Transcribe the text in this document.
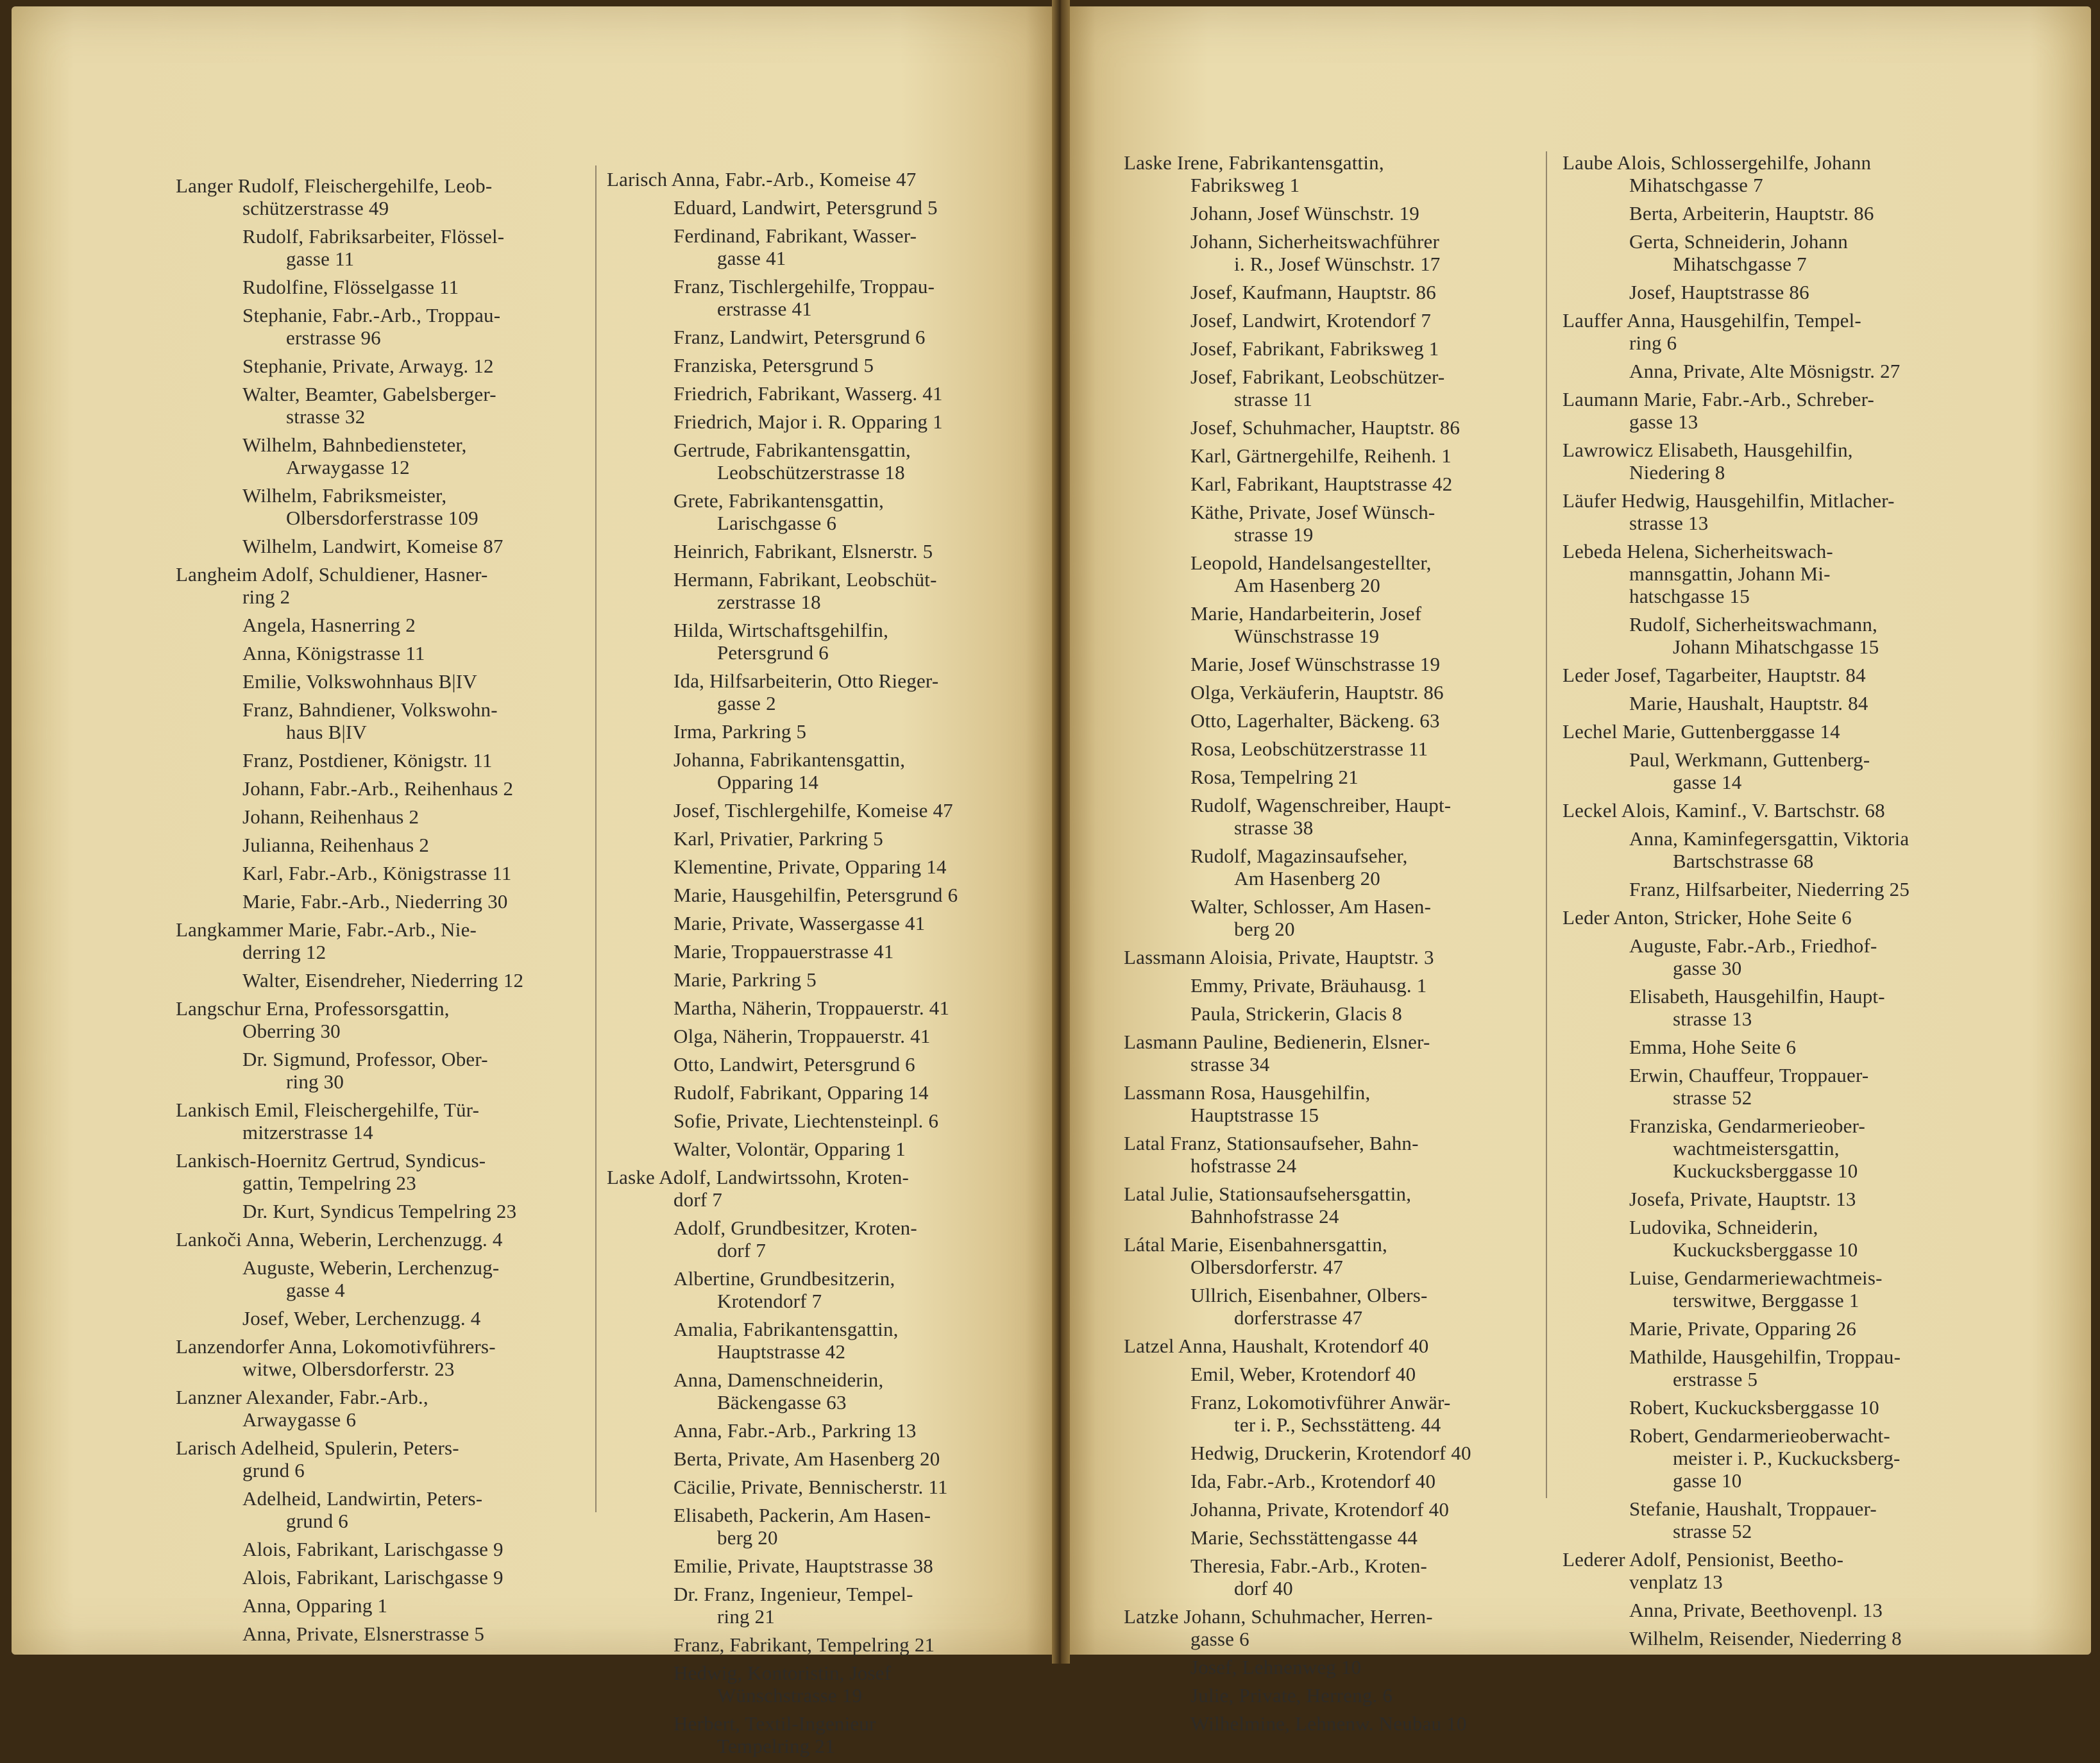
Langer Rudolf, Fleischergehilfe, Leob-
schützerstrasse 49
Rudolf, Fabriksarbeiter, Flössel-
gasse 11
Rudolfine, Flösselgasse 11
Stephanie, Fabr.-Arb., Troppau-
erstrasse 96
Stephanie, Private, Arwayg. 12
Walter, Beamter, Gabelsberger-
strasse 32
Wilhelm, Bahnbediensteter,
Arwaygasse 12
Wilhelm, Fabriksmeister,
Olbersdorferstrasse 109
Wilhelm, Landwirt, Komeise 87
Langheim Adolf, Schuldiener, Hasner-
ring 2
Angela, Hasnerring 2
Anna, Königstrasse 11
Emilie, Volkswohnhaus B|IV
Franz, Bahndiener, Volkswohn-
haus B|IV
Franz, Postdiener, Königstr. 11
Johann, Fabr.-Arb., Reihenhaus 2
Johann, Reihenhaus 2
Julianna, Reihenhaus 2
Karl, Fabr.-Arb., Königstrasse 11
Marie, Fabr.-Arb., Niederring 30
Langkammer Marie, Fabr.-Arb., Nie-
derring 12
Walter, Eisendreher, Niederring 12
Langschur Erna, Professorsgattin,
Oberring 30
Dr. Sigmund, Professor, Ober-
ring 30
Lankisch Emil, Fleischergehilfe, Tür-
mitzerstrasse 14
Lankisch-Hoernitz Gertrud, Syndicus-
gattin, Tempelring 23
Dr. Kurt, Syndicus Tempelring 23
Lankoči Anna, Weberin, Lerchenzugg. 4
Auguste, Weberin, Lerchenzug-
gasse 4
Josef, Weber, Lerchenzugg. 4
Lanzendorfer Anna, Lokomotivführers-
witwe, Olbersdorferstr. 23
Lanzner Alexander, Fabr.-Arb.,
Arwaygasse 6
Larisch Adelheid, Spulerin, Peters-
grund 6
Adelheid, Landwirtin, Peters-
grund 6
Alois, Fabrikant, Larischgasse 9
Alois, Fabrikant, Larischgasse 9
Anna, Opparing 1
Anna, Private, Elsnerstrasse 5
Larisch Anna, Fabr.-Arb., Komeise 47
Eduard, Landwirt, Petersgrund 5
Ferdinand, Fabrikant, Wasser-
gasse 41
Franz, Tischlergehilfe, Troppau-
erstrasse 41
Franz, Landwirt, Petersgrund 6
Franziska, Petersgrund 5
Friedrich, Fabrikant, Wasserg. 41
Friedrich, Major i. R. Opparing 1
Gertrude, Fabrikantensgattin,
Leobschützerstrasse 18
Grete, Fabrikantensgattin,
Larischgasse 6
Heinrich, Fabrikant, Elsnerstr. 5
Hermann, Fabrikant, Leobschüt-
zerstrasse 18
Hilda, Wirtschaftsgehilfin,
Petersgrund 6
Ida, Hilfsarbeiterin, Otto Rieger-
gasse 2
Irma, Parkring 5
Johanna, Fabrikantensgattin,
Opparing 14
Josef, Tischlergehilfe, Komeise 47
Karl, Privatier, Parkring 5
Klementine, Private, Opparing 14
Marie, Hausgehilfin, Petersgrund 6
Marie, Private, Wassergasse 41
Marie, Troppauerstrasse 41
Marie, Parkring 5
Martha, Näherin, Troppauerstr. 41
Olga, Näherin, Troppauerstr. 41
Otto, Landwirt, Petersgrund 6
Rudolf, Fabrikant, Opparing 14
Sofie, Private, Liechtensteinpl. 6
Walter, Volontär, Opparing 1
Laske Adolf, Landwirtssohn, Kroten-
dorf 7
Adolf, Grundbesitzer, Kroten-
dorf 7
Albertine, Grundbesitzerin,
Krotendorf 7
Amalia, Fabrikantensgattin,
Hauptstrasse 42
Anna, Damenschneiderin,
Bäckengasse 63
Anna, Fabr.-Arb., Parkring 13
Berta, Private, Am Hasenberg 20
Cäcilie, Private, Bennischerstr. 11
Elisabeth, Packerin, Am Hasen-
berg 20
Emilie, Private, Hauptstrasse 38
Dr. Franz, Ingenieur, Tempel-
ring 21
Franz, Fabrikant, Tempelring 21
Hedwig, Kontoristin, Josef
Wünschstrasse 19
Herbert, Textil-Ingenieur
Tempelring 21
Laske Irene, Fabrikantensgattin,
Fabriksweg 1
Johann, Josef Wünschstr. 19
Johann, Sicherheitswachführer
i. R., Josef Wünschstr. 17
Josef, Kaufmann, Hauptstr. 86
Josef, Landwirt, Krotendorf 7
Josef, Fabrikant, Fabriksweg 1
Josef, Fabrikant, Leobschützer-
strasse 11
Josef, Schuhmacher, Hauptstr. 86
Karl, Gärtnergehilfe, Reihenh. 1
Karl, Fabrikant, Hauptstrasse 42
Käthe, Private, Josef Wünsch-
strasse 19
Leopold, Handelsangestellter,
Am Hasenberg 20
Marie, Handarbeiterin, Josef
Wünschstrasse 19
Marie, Josef Wünschstrasse 19
Olga, Verkäuferin, Hauptstr. 86
Otto, Lagerhalter, Bäckeng. 63
Rosa, Leobschützerstrasse 11
Rosa, Tempelring 21
Rudolf, Wagenschreiber, Haupt-
strasse 38
Rudolf, Magazinsaufseher,
Am Hasenberg 20
Walter, Schlosser, Am Hasen-
berg 20
Lassmann Aloisia, Private, Hauptstr. 3
Emmy, Private, Bräuhausg. 1
Paula, Strickerin, Glacis 8
Lasmann Pauline, Bedienerin, Elsner-
strasse 34
Lassmann Rosa, Hausgehilfin,
Hauptstrasse 15
Latal Franz, Stationsaufseher, Bahn-
hofstrasse 24
Latal Julie, Stationsaufsehersgattin,
Bahnhofstrasse 24
Látal Marie, Eisenbahnersgattin,
Olbersdorferstr. 47
Ullrich, Eisenbahner, Olbers-
dorferstrasse 47
Latzel Anna, Haushalt, Krotendorf 40
Emil, Weber, Krotendorf 40
Franz, Lokomotivführer Anwär-
ter i. P., Sechsstätteng. 44
Hedwig, Druckerin, Krotendorf 40
Ida, Fabr.-Arb., Krotendorf 40
Johanna, Private, Krotendorf 40
Marie, Sechsstättengasse 44
Theresia, Fabr.-Arb., Kroten-
dorf 40
Latzke Johann, Schuhmacher, Herren-
gasse 6
Josef, Lehnenweg 10
Julie, Private, Herreng. 6
Wilhelmine, Lehnenw. Neubau 10
Laube Alois, Schlossergehilfe, Johann
Mihatschgasse 7
Berta, Arbeiterin, Hauptstr. 86
Gerta, Schneiderin, Johann
Mihatschgasse 7
Josef, Hauptstrasse 86
Lauffer Anna, Hausgehilfin, Tempel-
ring 6
Anna, Private, Alte Mösnigstr. 27
Laumann Marie, Fabr.-Arb., Schreber-
gasse 13
Lawrowicz Elisabeth, Hausgehilfin,
Niedering 8
Läufer Hedwig, Hausgehilfin, Mitlacher-
strasse 13
Lebeda Helena, Sicherheitswach-
mannsgattin, Johann Mi-
hatschgasse 15
Rudolf, Sicherheitswachmann,
Johann Mihatschgasse 15
Leder Josef, Tagarbeiter, Hauptstr. 84
Marie, Haushalt, Hauptstr. 84
Lechel Marie, Guttenberggasse 14
Paul, Werkmann, Guttenberg-
gasse 14
Leckel Alois, Kaminf., V. Bartschstr. 68
Anna, Kaminfegersgattin, Viktoria
Bartschstrasse 68
Franz, Hilfsarbeiter, Niederring 25
Leder Anton, Stricker, Hohe Seite 6
Auguste, Fabr.-Arb., Friedhof-
gasse 30
Elisabeth, Hausgehilfin, Haupt-
strasse 13
Emma, Hohe Seite 6
Erwin, Chauffeur, Troppauer-
strasse 52
Franziska, Gendarmerieober-
wachtmeistersgattin,
Kuckucksberggasse 10
Josefa, Private, Hauptstr. 13
Ludovika, Schneiderin,
Kuckucksberggasse 10
Luise, Gendarmeriewachtmeis-
terswitwe, Berggasse 1
Marie, Private, Opparing 26
Mathilde, Hausgehilfin, Troppau-
erstrasse 5
Robert, Kuckucksberggasse 10
Robert, Gendarmerieoberwacht-
meister i. P., Kuckucksberg-
gasse 10
Stefanie, Haushalt, Troppauer-
strasse 52
Lederer Adolf, Pensionist, Beetho-
venplatz 13
Anna, Private, Beethovenpl. 13
Wilhelm, Reisender, Niederring 8
